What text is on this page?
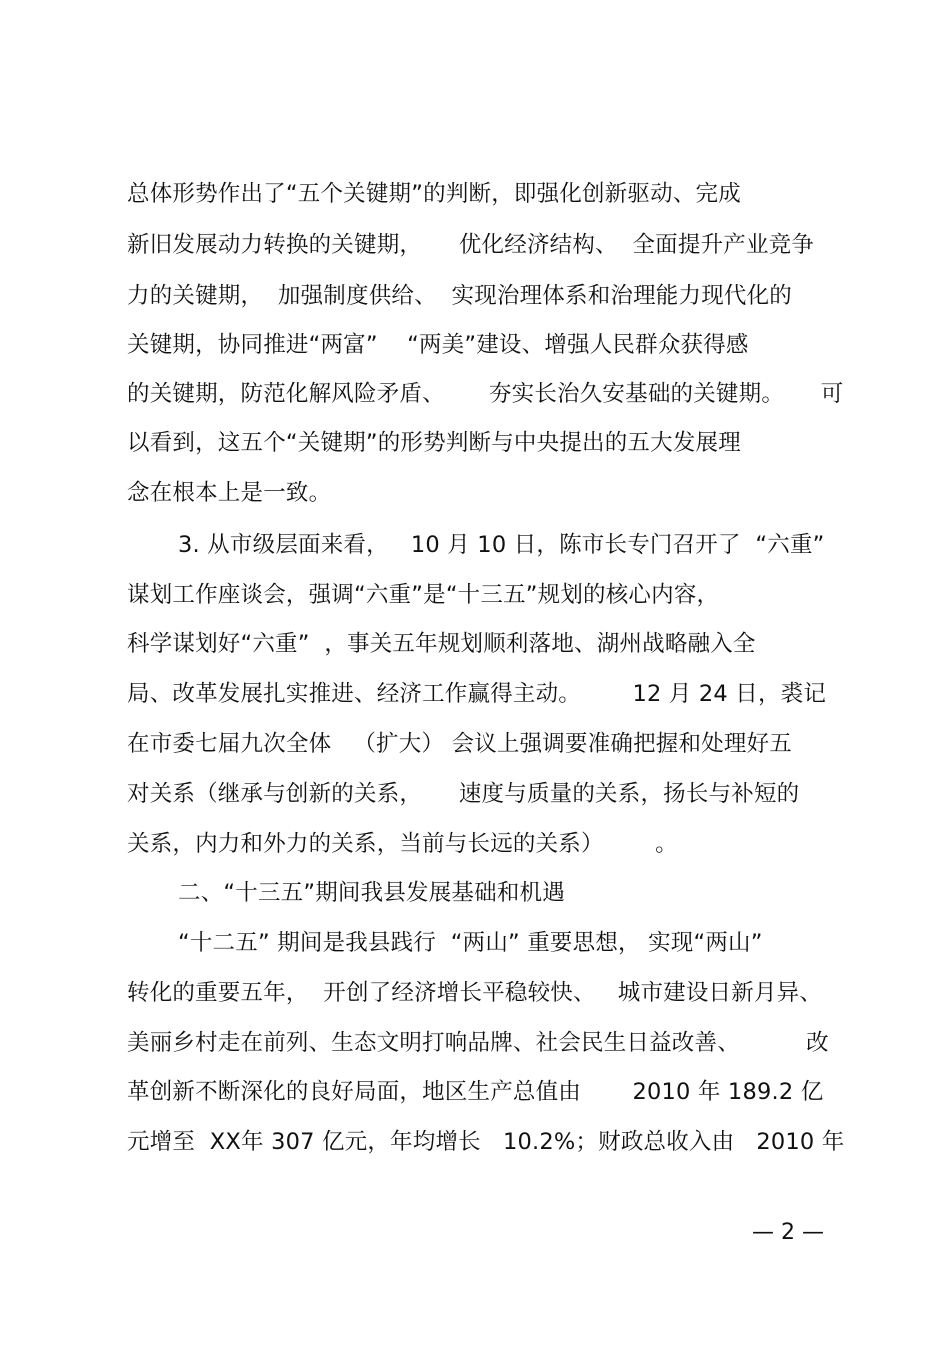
总体形势作出了“五个关键期”的判断，即强化创新驱动、完成
新旧发展动力转换的关键期，     优化经济结构、  全面提升产业竞争
力的关键期，  加强制度供给、  实现治理体系和治理能力现代化的
关键期，协同推进“两富”    “两美”建设、增强人民群众获得感
的关键期，防范化解风险矛盾、      夯实长治久安基础的关键期。     可
以看到，这五个“关键期”的形势判断与中央提出的五大发展理
念在根本上是一致。
3. 从市级层面来看，   10 月 10 日，陈市长专门召开了  “六重”
谋划工作座谈会，强调“六重”是“十三五”规划的核心内容，
科学谋划好“六重”  ，事关五年规划顺利落地、湖州战略融入全
局、改革发展扎实推进、经济工作赢得主动。       12 月 24 日，裘记
在市委七届九次全体   （扩大） 会议上强调要准确把握和处理好五
对关系（继承与创新的关系，     速度与质量的关系，扬长与补短的
关系，内力和外力的关系，当前与长远的关系）       。
二、“十三五”期间我县发展基础和机遇
“十二五” 期间是我县践行  “两山” 重要思想， 实现“两山”
转化的重要五年，  开创了经济增长平稳较快、   城市建设日新月异、
美丽乡村走在前列、生态文明打响品牌、社会民生日益改善、         改
革创新不断深化的良好局面，地区生产总值由       2010 年 189.2 亿
元增至  XX年 307 亿元，年均增长   10.2%；财政总收入由   2010 年
— 2 —
